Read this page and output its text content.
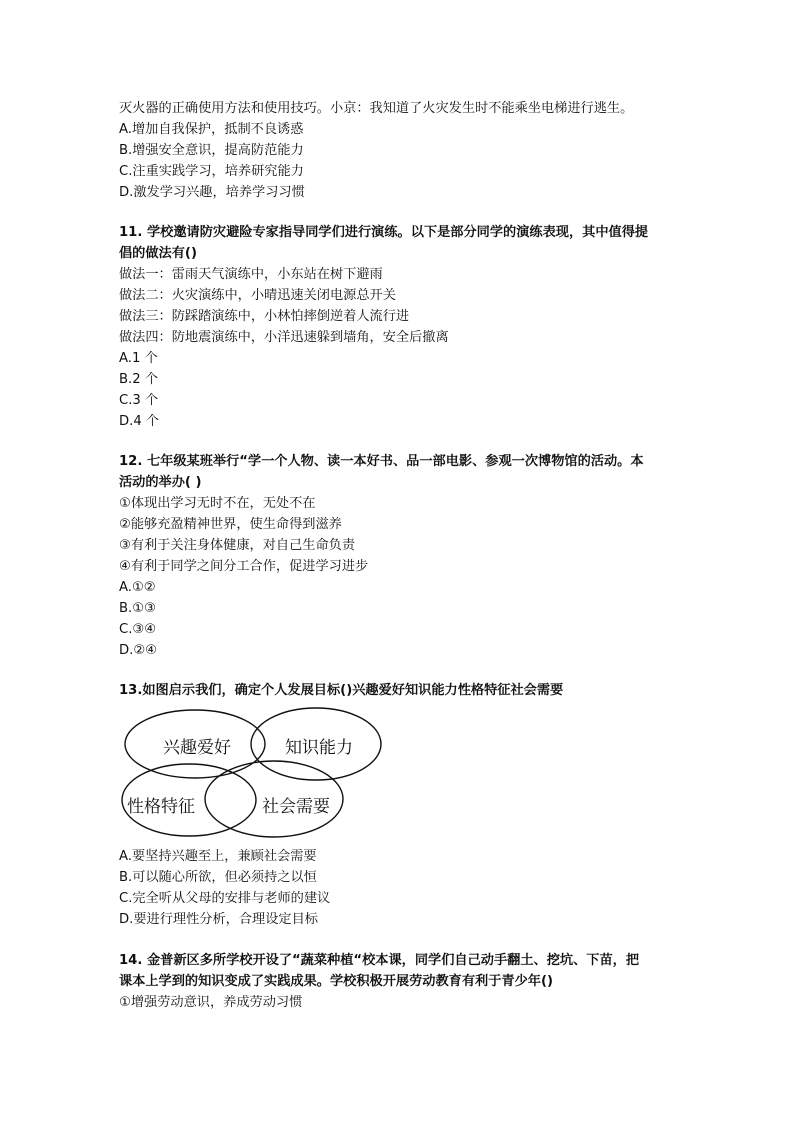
灭火器的正确使用方法和使用技巧。小京：我知道了火灾发生时不能乘坐电梯进行逃生。
A.增加自我保护，抵制不良诱惑
B.增强安全意识，提高防范能力
C.注重实践学习，培养研究能力
D.激发学习兴趣，培养学习习惯
11. 学校邀请防灾避险专家指导同学们进行演练。以下是部分同学的演练表现，其中值得提
倡的做法有()
做法一：雷雨天气演练中，小东站在树下避雨
做法二：火灾演练中，小晴迅速关闭电源总开关
做法三：防踩踏演练中，小林怕摔倒逆着人流行进
做法四：防地震演练中，小洋迅速躲到墙角，安全后撤离
A.1 个
B.2 个
C.3 个
D.4 个
12. 七年级某班举行“学一个人物、读一本好书、品一部电影、参观一次博物馆的活动。本
活动的举办( )
①体现出学习无时不在，无处不在
②能够充盈精神世界，使生命得到滋养
③有利于关注身体健康，对自己生命负责
④有利于同学之间分工合作，促进学习进步
A.①②
B.①③
C.③④
D.②④
13.如图启示我们，确定个人发展目标()兴趣爱好知识能力性格特征社会需要
兴趣爱好	知识能力
性格特征	社会需要
A.要坚持兴趣至上，兼顾社会需要
B.可以随心所欲，但必须持之以恒
C.完全听从父母的安排与老师的建议
D.要进行理性分析，合理设定目标
14. 金普新区多所学校开设了“蔬菜种植“校本课，同学们自己动手翻土、挖坑、下苗，把
课本上学到的知识变成了实践成果。学校积极开展劳动教育有利于青少年()
①增强劳动意识，养成劳动习惯
